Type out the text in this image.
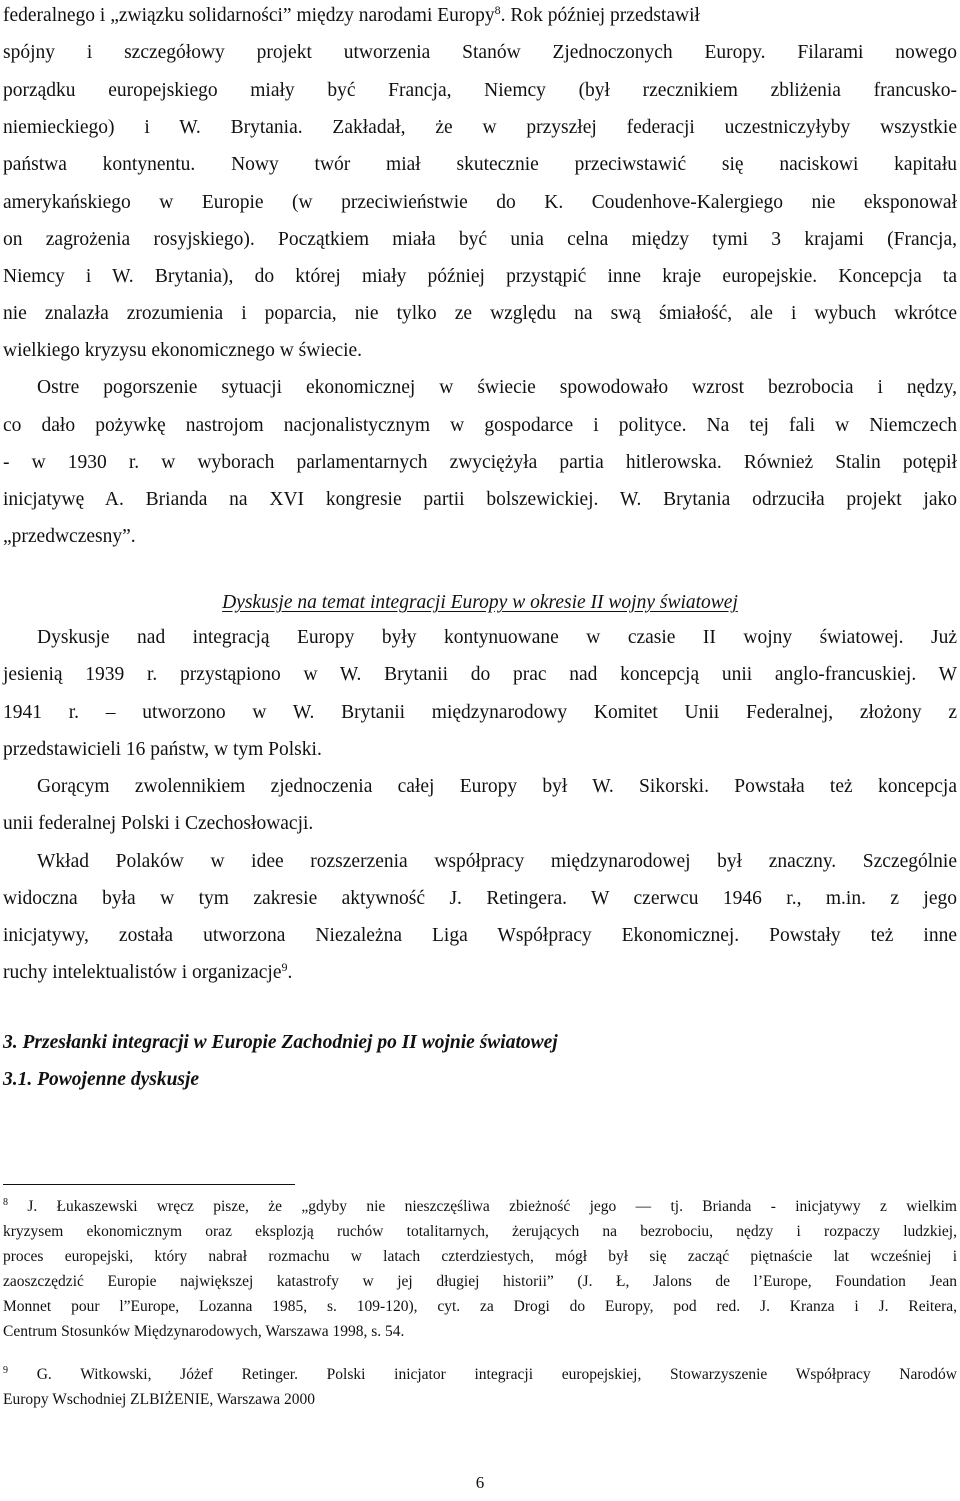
federalnego i „związku solidarności” między narodami Europy$^8$. Rok później przedstawił
spójny i szczegółowy projekt utworzenia Stanów Zjednoczonych Europy. Filarami nowego
porządku europejskiego miały być Francja, Niemcy (był rzecznikiem zbliżenia francusko-
niemieckiego) i W. Brytania. Zakładał, że w przyszłej federacji uczestniczyłyby wszystkie
państwa kontynentu. Nowy twór miał skutecznie przeciwstawić się naciskowi kapitału
amerykańskiego w Europie (w przeciwieństwie do K. Coudenhove-Kalergiego nie eksponował
on zagrożenia rosyjskiego). Początkiem miała być unia celna między tymi 3 krajami (Francja,
Niemcy i W. Brytania), do której miały później przystąpić inne kraje europejskie. Koncepcja ta
nie znalazła zrozumienia i poparcia, nie tylko ze względu na swą śmiałość, ale i wybuch wkrótce
wielkiego kryzysu ekonomicznego w świecie.
Ostre pogorszenie sytuacji ekonomicznej w świecie spowodowało wzrost bezrobocia i nędzy,
co dało pożywkę nastrojom nacjonalistycznym w gospodarce i polityce. Na tej fali w Niemczech
- w 1930 r. w wyborach parlamentarnych zwyciężyła partia hitlerowska. Również Stalin potępił
inicjatywę A. Brianda na XVI kongresie partii bolszewickiej. W. Brytania odrzuciła projekt jako
„przedwczesny”.
Dyskusje na temat integracji Europy w okresie II wojny światowej
Dyskusje nad integracją Europy były kontynuowane w czasie II wojny światowej. Już
jesienią 1939 r. przystąpiono w W. Brytanii do prac nad koncepcją unii anglo-francuskiej. W
1941 r. – utworzono w W. Brytanii międzynarodowy Komitet Unii Federalnej, złożony z
przedstawicieli 16 państw, w tym Polski.
Gorącym zwolennikiem zjednoczenia całej Europy był W. Sikorski. Powstała też koncepcja
unii federalnej Polski i Czechosłowacji.
Wkład Polaków w idee rozszerzenia współpracy międzynarodowej był znaczny. Szczególnie
widoczna była w tym zakresie aktywność J. Retingera. W czerwcu 1946 r., m.in. z jego
inicjatywy, została utworzona Niezależna Liga Współpracy Ekonomicznej. Powstały też inne
ruchy intelektualistów i organizacje$^9$.
3. Przesłanki integracji w Europie Zachodniej po II wojnie światowej
3.1. Powojenne dyskusje
$^8$ J. Łukaszewski wręcz pisze, że „gdyby nie nieszczęśliwa zbieżność jego — tj. Brianda - inicjatywy z wielkim
kryzysem ekonomicznym oraz eksplozją ruchów totalitarnych, żerujących na bezrobociu, nędzy i rozpaczy ludzkiej,
proces europejski, który nabrał rozmachu w latach czterdziestych, mógł był się zacząć piętnaście lat wcześniej i
zaoszczędzić Europie największej katastrofy w jej długiej historii” (J. Ł, Jalons de l’Europe, Foundation Jean
Monnet pour l”Europe, Lozanna 1985, s. 109-120), cyt. za Drogi do Europy, pod red. J. Kranza i J. Reitera,
Centrum Stosunków Międzynarodowych, Warszawa 1998, s. 54.
$^9$ G. Witkowski, Jóżef Retinger. Polski inicjator integracji europejskiej, Stowarzyszenie Współpracy Narodów
Europy Wschodniej ZLBIŻENIE, Warszawa 2000
6
